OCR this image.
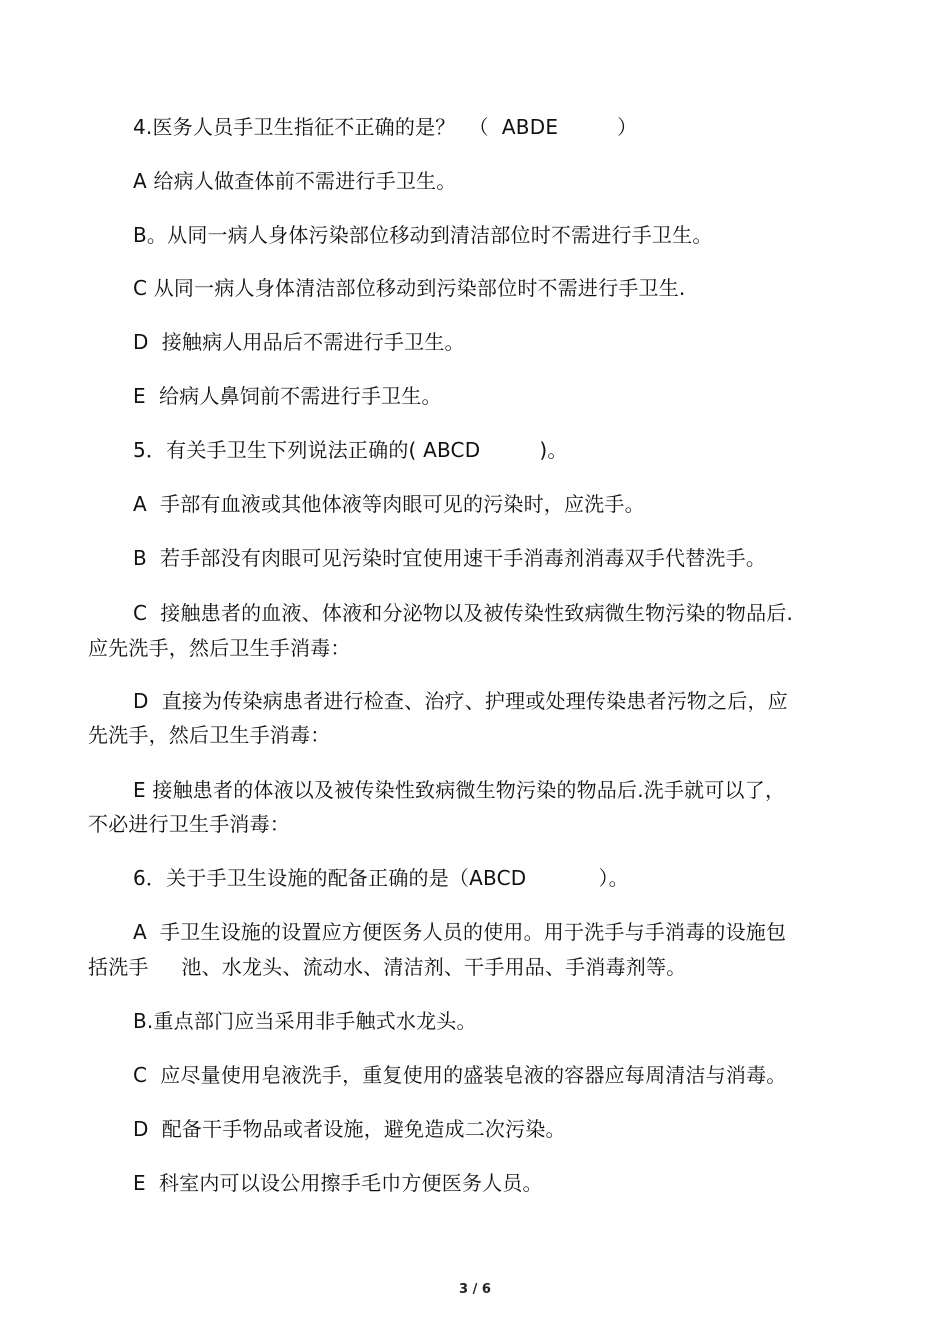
4.医务人员手卫生指征不正确的是？  （  ABDE         ）
A 给病人做查体前不需进行手卫生。
B。从同一病人身体污染部位移动到清洁部位时不需进行手卫生。
C 从同一病人身体清洁部位移动到污染部位时不需进行手卫生.
D  接触病人用品后不需进行手卫生。
E  给病人鼻饲前不需进行手卫生。
5．有关手卫生下列说法正确的( ABCD         )。
A  手部有血液或其他体液等肉眼可见的污染时，应洗手。
B  若手部没有肉眼可见污染时宜使用速干手消毒剂消毒双手代替洗手。
C  接触患者的血液、体液和分泌物以及被传染性致病微生物污染的物品后.
应先洗手，然后卫生手消毒：
D  直接为传染病患者进行检查、治疗、护理或处理传染患者污物之后，应
先洗手，然后卫生手消毒：
E 接触患者的体液以及被传染性致病微生物污染的物品后.洗手就可以了，
不必进行卫生手消毒：
6．关于手卫生设施的配备正确的是（ABCD           ）。
A  手卫生设施的设置应方便医务人员的使用。用于洗手与手消毒的设施包
括洗手     池、水龙头、流动水、清洁剂、干手用品、手消毒剂等。
B.重点部门应当采用非手触式水龙头。
C  应尽量使用皂液洗手，重复使用的盛装皂液的容器应每周清洁与消毒。
D  配备干手物品或者设施，避免造成二次污染。
E  科室内可以设公用擦手毛巾方便医务人员。
3 / 6
